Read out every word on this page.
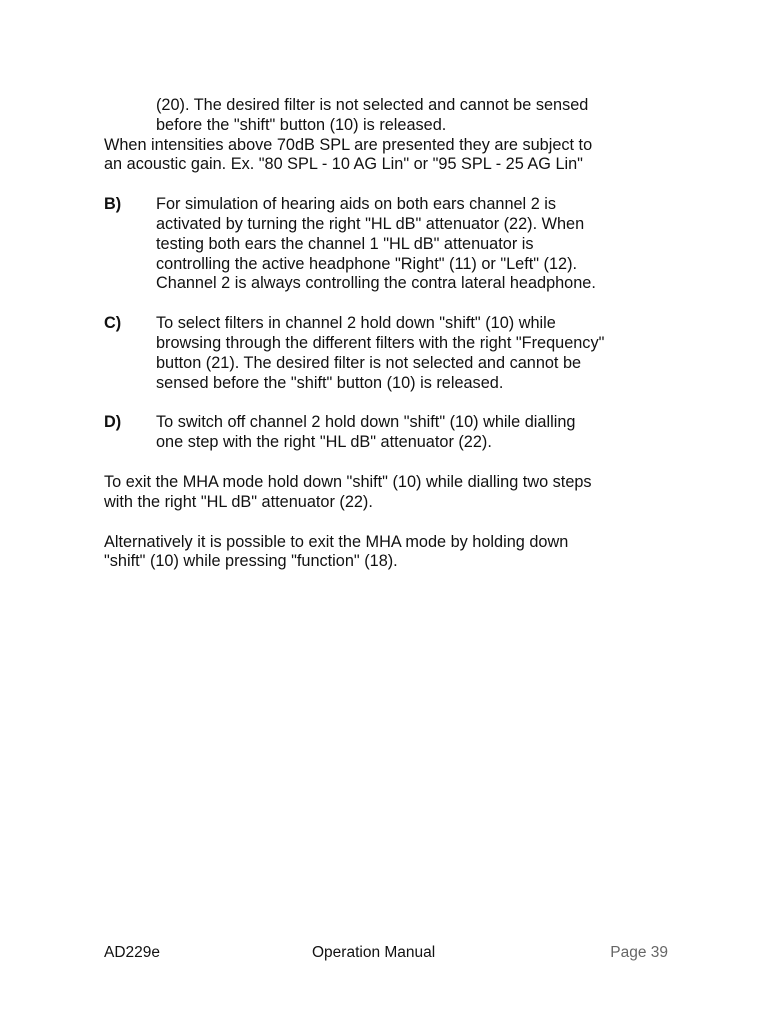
(20). The desired filter is not selected and cannot be sensed
before the "shift" button (10) is released.
When intensities above 70dB SPL are presented they are subject to
an acoustic gain. Ex. "80 SPL - 10 AG Lin" or "95 SPL - 25 AG Lin"
B)	For simulation of hearing aids on both ears channel 2 is
activated by turning the right "HL dB" attenuator (22). When
testing both ears the channel 1 "HL dB" attenuator is
controlling the active headphone "Right" (11) or "Left" (12).
Channel 2 is always controlling the contra lateral headphone.
C)	To select filters in channel 2 hold down "shift" (10) while
browsing through the different filters with the right "Frequency"
button (21). The desired filter is not selected and cannot be
sensed before the "shift" button (10) is released.
D)	To switch off channel 2 hold down "shift" (10) while dialling
one step with the right "HL dB" attenuator (22).
To exit the MHA mode hold down "shift" (10) while dialling two steps
with the right "HL dB" attenuator (22).
Alternatively it is possible to exit the MHA mode by holding down
"shift" (10) while pressing "function" (18).
AD229e	Operation Manual	Page 39
